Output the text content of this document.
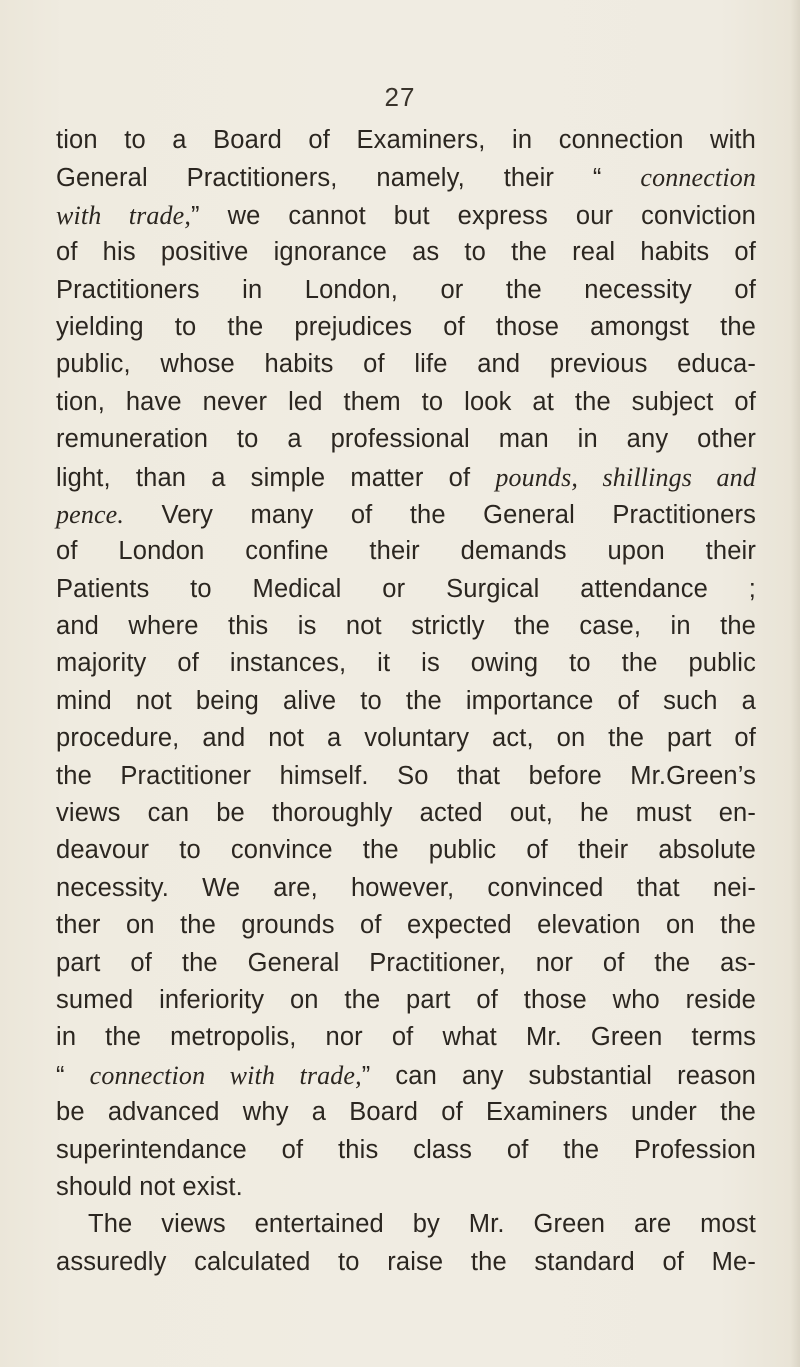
27
tion to a Board of Examiners, in connection with
General Practitioners, namely, their “ connection
with trade,” we cannot but express our conviction
of his positive ignorance as to the real habits of
Practitioners in London, or the necessity of
yielding to the prejudices of those amongst the
public, whose habits of life and previous educa-
tion, have never led them to look at the subject of
remuneration to a professional man in any other
light, than a simple matter of pounds, shillings and
pence. Very many of the General Practitioners
of London confine their demands upon their
Patients to Medical or Surgical attendance ;
and where this is not strictly the case, in the
majority of instances, it is owing to the public
mind not being alive to the importance of such a
procedure, and not a voluntary act, on the part of
the Practitioner himself. So that before Mr.Green’s
views can be thoroughly acted out, he must en-
deavour to convince the public of their absolute
necessity. We are, however, convinced that nei-
ther on the grounds of expected elevation on the
part of the General Practitioner, nor of the as-
sumed inferiority on the part of those who reside
in the metropolis, nor of what Mr. Green terms
“ connection with trade,” can any substantial reason
be advanced why a Board of Examiners under the
superintendance of this class of the Profession
should not exist.
The views entertained by Mr. Green are most
assuredly calculated to raise the standard of Me-
